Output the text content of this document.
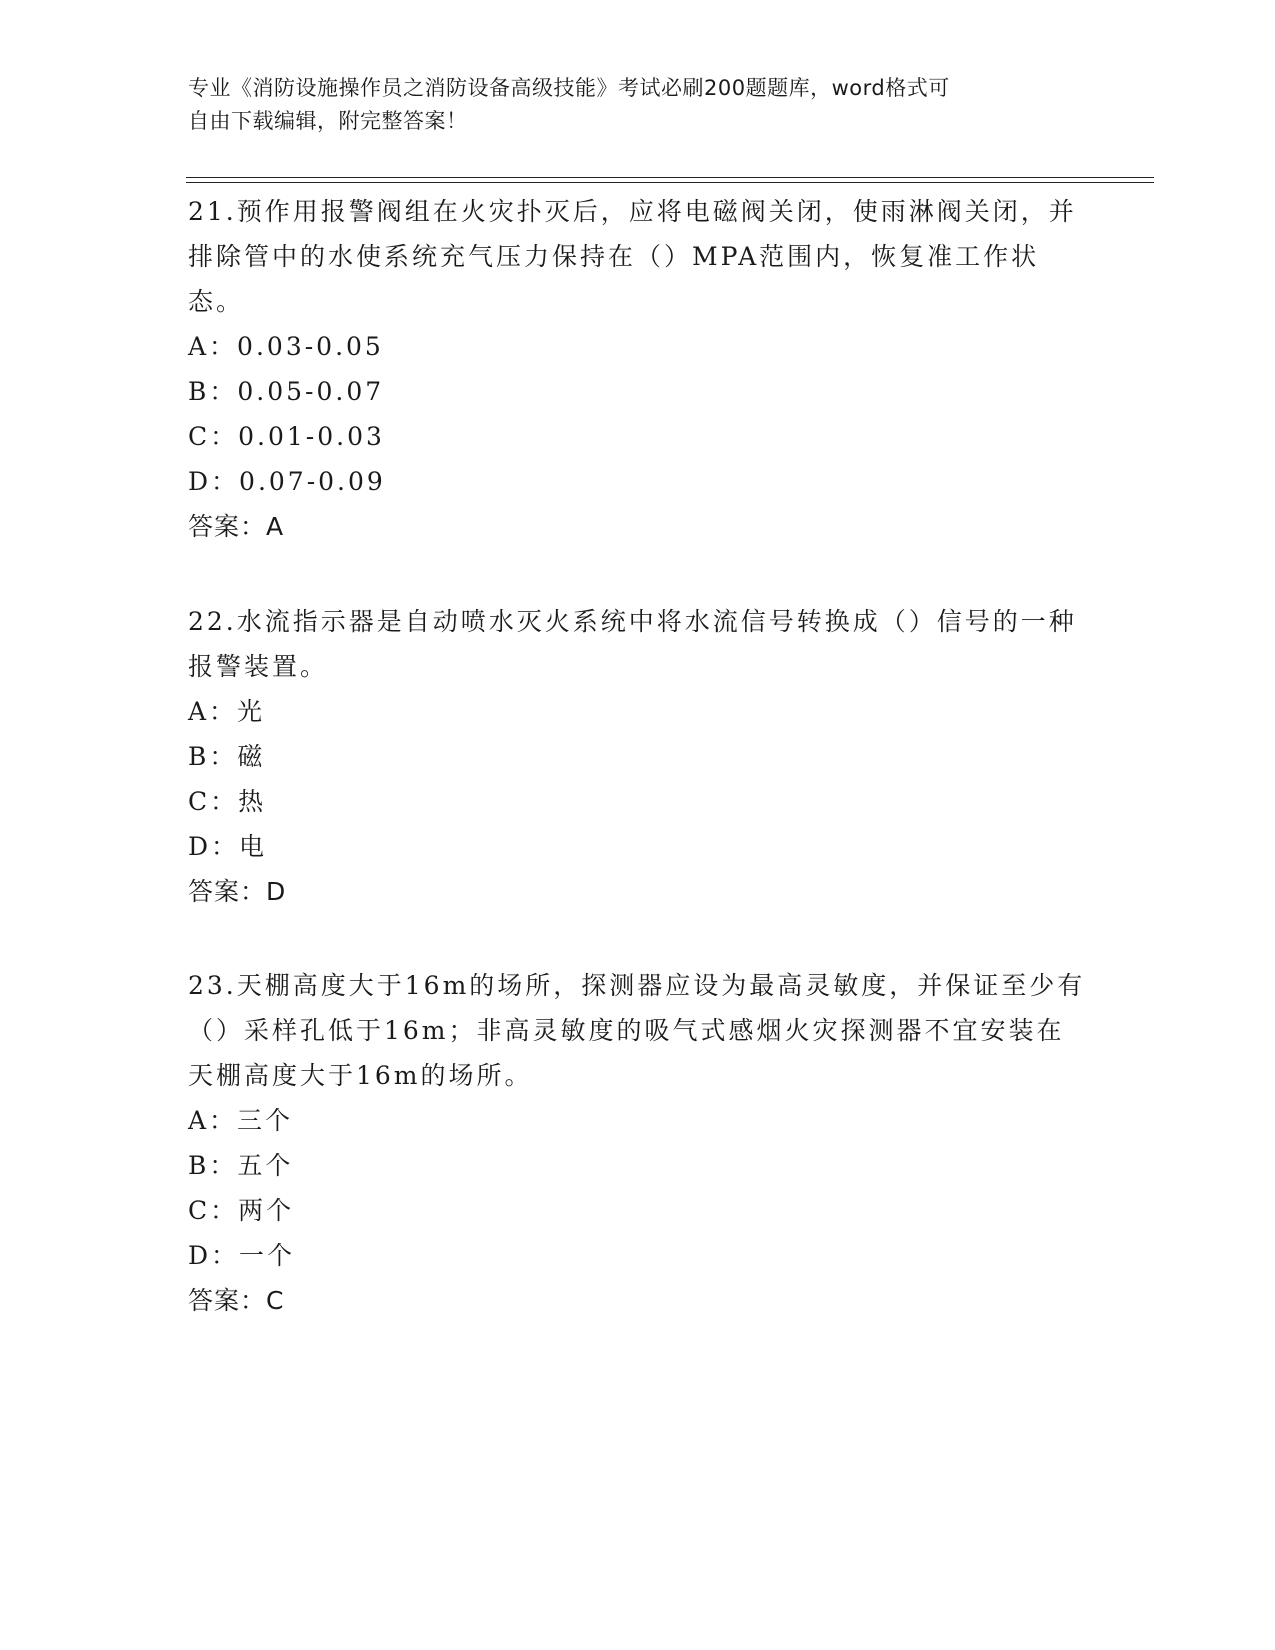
专业《消防设施操作员之消防设备高级技能》考试必刷200题题库，word格式可
自由下载编辑，附完整答案！

21.预作用报警阀组在火灾扑灭后，应将电磁阀关闭，使雨淋阀关闭，并排除管中的水使系统充气压力保持在（）MPA范围内，恢复准工作状态。

A：0.03-0.05

B：0.05-0.07

C：0.01-0.03

D：0.07-0.09

答案：A

22.水流指示器是自动喷水灭火系统中将水流信号转换成（）信号的一种报警装置。

A：光

B：磁

C：热

D：电

答案：D

23.天棚高度大于16m的场所，探测器应设为最高灵敏度，并保证至少有（）采样孔低于16m；非高灵敏度的吸气式感烟火灾探测器不宜安装在天棚高度大于16m的场所。

A：三个

B：五个

C：两个

D：一个

答案：C
